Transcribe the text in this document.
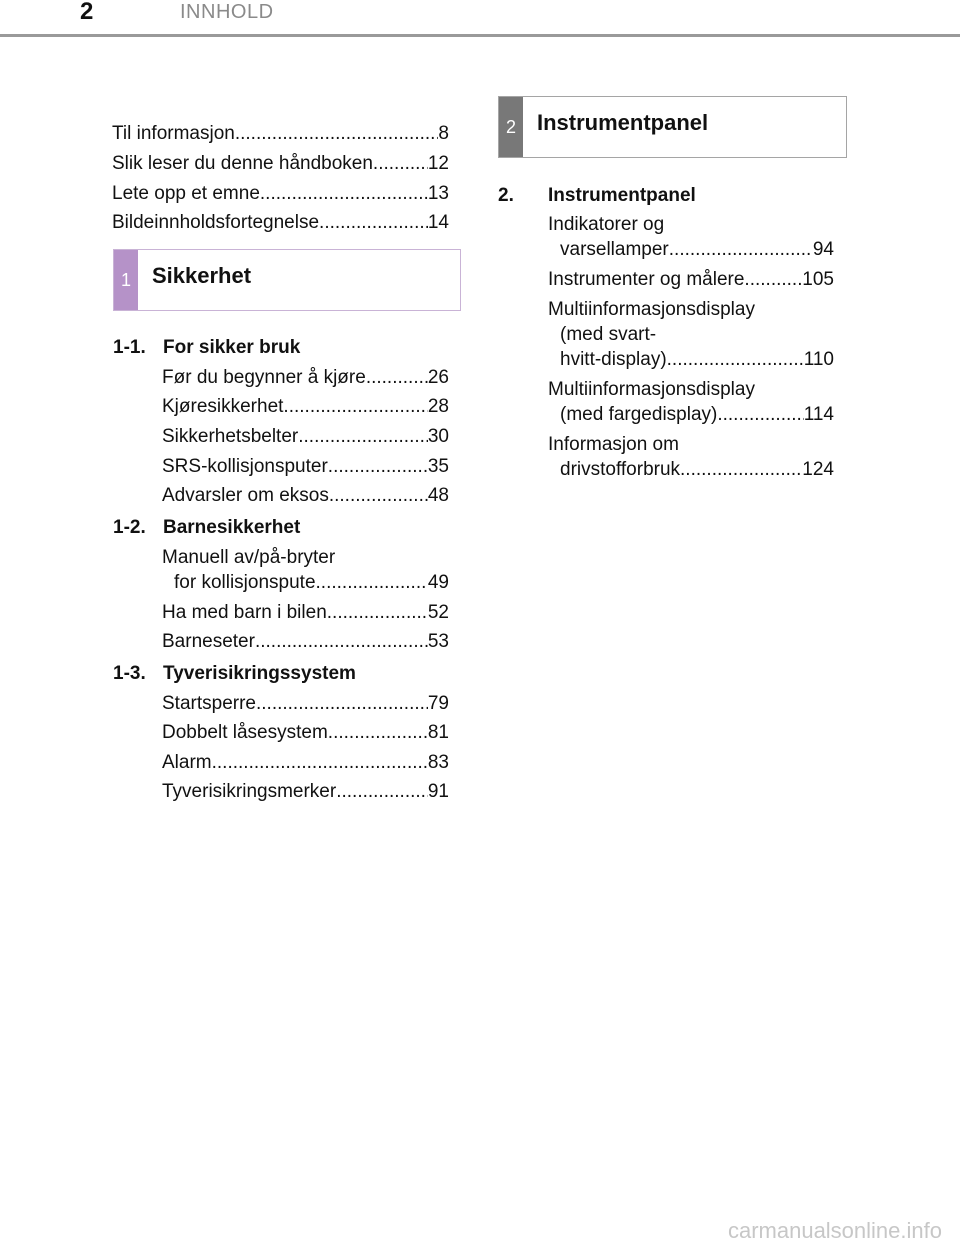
2	INNHOLD
Til informasjon .....	8
Slik leser du denne håndboken .....	12
Lete opp et emne .....	13
Bildeinnholdsfortegnelse .....	14
1 Sikkerhet
1-1. For sikker bruk
Før du begynner å kjøre .....	26
Kjøresikkerhet .....	28
Sikkerhetsbelter .....	30
SRS-kollisjonsputer .....	35
Advarsler om eksos .....	48
1-2. Barnesikkerhet
Manuell av/på-bryter
for kollisjonspute .....	49
Ha med barn i bilen .....	52
Barneseter .....	53
1-3. Tyverisikringssystem
Startsperre .....	79
Dobbelt låsesystem .....	81
Alarm .....	83
Tyverisikringsmerker .....	91
2 Instrumentpanel
2. Instrumentpanel
Indikatorer og
varsellamper .....	94
Instrumenter og målere .....	105
Multiinformasjonsdisplay
(med svart-
hvitt-display) .....	110
Multiinformasjonsdisplay
(med fargedisplay) .....	114
Informasjon om
drivstofforbruk .....	124
carmanualsonline.info
